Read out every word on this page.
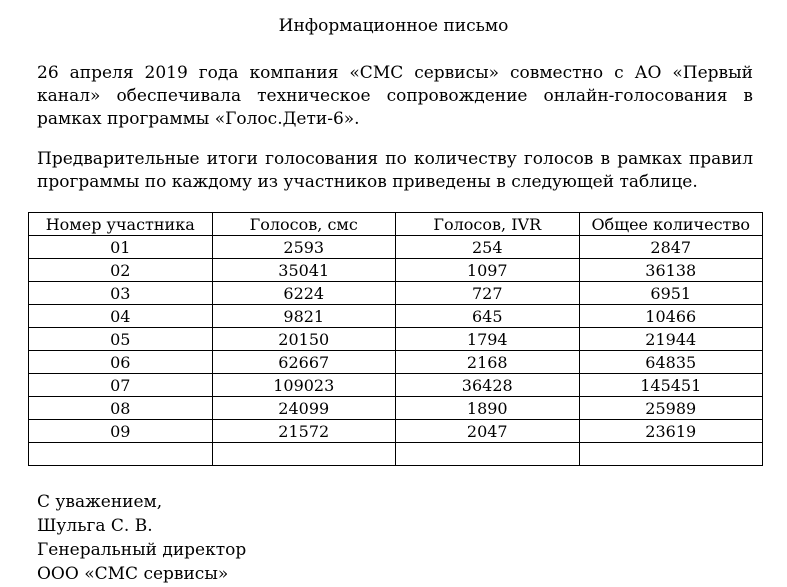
Информационное письмо

26 апреля 2019 года компания «СМС сервисы» совместно с АО «Первый канал» обеспечивала техническое сопровождение онлайн-голосования в рамках программы «Голос.Дети-6».

Предварительные итоги голосования по количеству голосов в рамках правил программы по каждому из участников приведены в следующей таблице.

Номер участника	Голосов, смс	Голосов, IVR	Общее количество
01	2593	254	2847
02	35041	1097	36138
03	6224	727	6951
04	9821	645	10466
05	20150	1794	21944
06	62667	2168	64835
07	109023	36428	145451
08	24099	1890	25989
09	21572	2047	23619

С уважением,
Шульга С. В.
Генеральный директор
ООО «СМС сервисы»
